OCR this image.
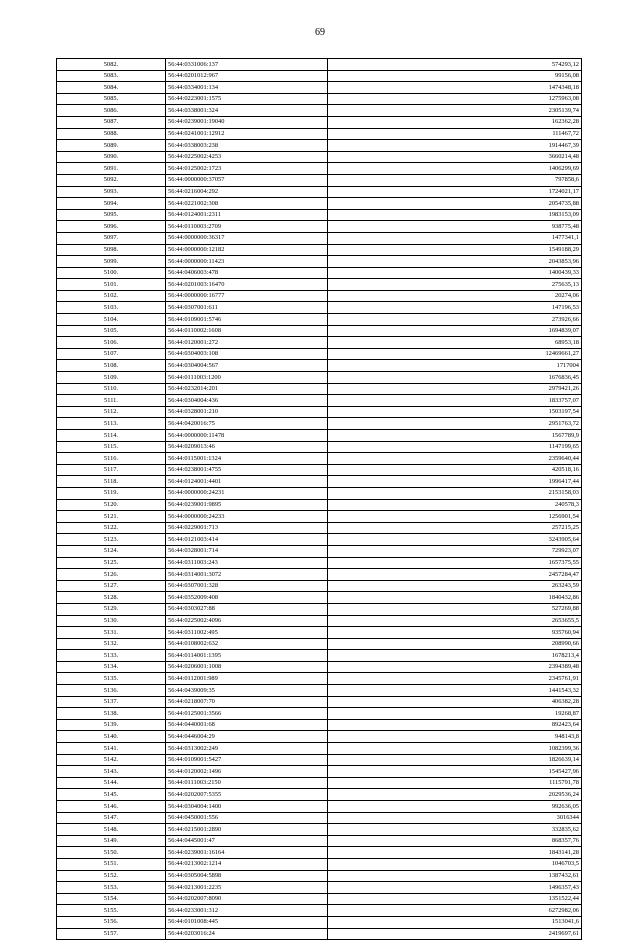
69
5082.	56:44:0331006:137	574293,12
5083.	56:44:0201012:967	99156,08
5084.	56:44:0334001:134	1474348,18
5085.	56:44:0223001:1575	1275963,08
5086.	56:44:0338001:324	2305139,74
5087.	56:44:0239001:19040	162362,28
5088.	56:44:0241001:12912	111467,72
5089.	56:44:0338003:238	1914467,39
5090.	56:44:0225002:4253	3660214,48
5091.	56:44:0125002:1723	1406299,69
5092.	56:44:0000000:37057	797858,6
5093.	56:44:0216004:292	1724021,17
5094.	56:44:0221002:308	2054735,88
5095.	56:44:0124001:2311	1983153,09
5096.	56:44:0110003:2709	938775,48
5097.	56:44:0000000:36317	1477341,1
5098.	56:44:0000000:12182	1549188,29
5099.	56:44:0000000:11423	2043853,96
5100.	56:44:0406003:478	1400439,33
5101.	56:44:0201003:16470	275635,13
5102.	56:44:0000000:16777	20274,06
5103.	56:44:0307001:611	147196,53
5104.	56:44:0109001:5746	273926,66
5105.	56:44:0110002:1608	1694839,07
5106.	56:44:0120001:272	68953,18
5107.	56:44:0304003:108	12469661,27
5108.	56:44:0304004:567	1717004
5109.	56:44:0111003:1200	1676836,45
5110.	56:44:0232014:201	2979421,26
5111.	56:44:0304004:436	1833757,07
5112.	56:44:0328001:210	1503197,54
5113.	56:44:0420016:75	2951763,72
5114.	56:44:0000000:11478	1567789,9
5115.	56:44:0209013:46	1147199,65
5116.	56:44:0115001:1324	2359640,44
5117.	56:44:0238001:4755	420518,16
5118.	56:44:0124001:4401	1996417,44
5119.	56:44:0000000:24231	2153158,03
5120.	56:44:0239001:9895	240578,3
5121.	56:44:0000000:24233	1256901,54
5122.	56:44:0229001:713	257215,25
5123.	56:44:0121003:414	3243905,64
5124.	56:44:0328001:714	729923,07
5125.	56:44:0311003:243	1657375,55
5126.	56:44:0314001:3072	2457284,47
5127.	56:44:0307001:328	263243,59
5128.	56:44:0352009:408	1840432,86
5129.	56:44:0303027:88	527269,88
5130.	56:44:0225002:4096	2653655,5
5131.	56:44:0311002:495	935760,94
5132.	56:44:0108002:632	208990,66
5133.	56:44:0114001:1395	1678213,4
5134.	56:44:0206001:1008	2394389,48
5135.	56:44:0112001:989	2345761,91
5136.	56:44:0439009:35	1441543,32
5137.	56:44:0218007:70	406382,28
5138.	56:44:0125001:3566	19268,87
5139.	56:44:0440001:68	892423,64
5140.	56:44:0446004:29	948143,8
5141.	56:44:0313002:249	1082399,36
5142.	56:44:0109001:5427	1826639,14
5143.	56:44:0120002:1496	1545427,96
5144.	56:44:0111003:2150	1115791,78
5145.	56:44:0202007:5355	2029536,24
5146.	56:44:0304004:1400	992636,05
5147.	56:44:0450001:556	3016344
5148.	56:44:0215001:2890	332835,62
5149.	56:44:0445001:47	868357,76
5150.	56:44:0239001:16164	1843141,28
5151.	56:44:0213002:1214	1046703,5
5152.	56:44:0305004:5898	1387432,61
5153.	56:44:0213001:2235	1496357,43
5154.	56:44:0202007:8090	1351522,44
5155.	56:44:0233001:312	6272982,06
5156.	56:44:0101008:445	1513041,6
5157.	56:44:0203016:24	2419697,61
